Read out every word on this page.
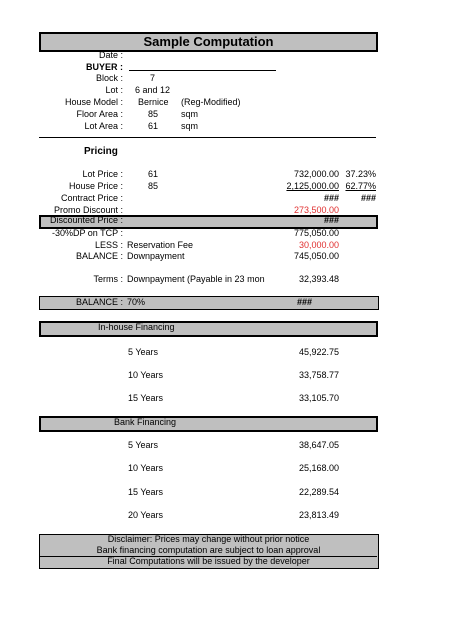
Sample Computation
Date :
BUYER :
Block :	7
Lot : 6 and 12
House Model : Bernice (Reg-Modified)
Floor Area :	85	sqm
Lot Area :	61	sqm
Pricing
Lot Price :	61	732,000.00 37.23%
House Price :	85	2,125,000.00 62.77%
Contract Price :	###	###
Promo Discount :	273,500.00
Discounted Price :	###
-30%DP on TCP :	775,050.00
LESS : Reservation Fee	30,000.00
BALANCE : Downpayment	745,050.00
Terms : Downpayment (Payable in 23 mon	32,393.48
BALANCE : 70%	###
In-house Financing
5 Years	45,922.75
10 Years	33,758.77
15 Years	33,105.70
Bank Financing
5 Years	38,647.05
10 Years	25,168.00
15 Years	22,289.54
20 Years	23,813.49
Disclaimer: Prices may change without prior notice
Bank financing computation are subject to loan approval
Final Computations will be issued by the developer
